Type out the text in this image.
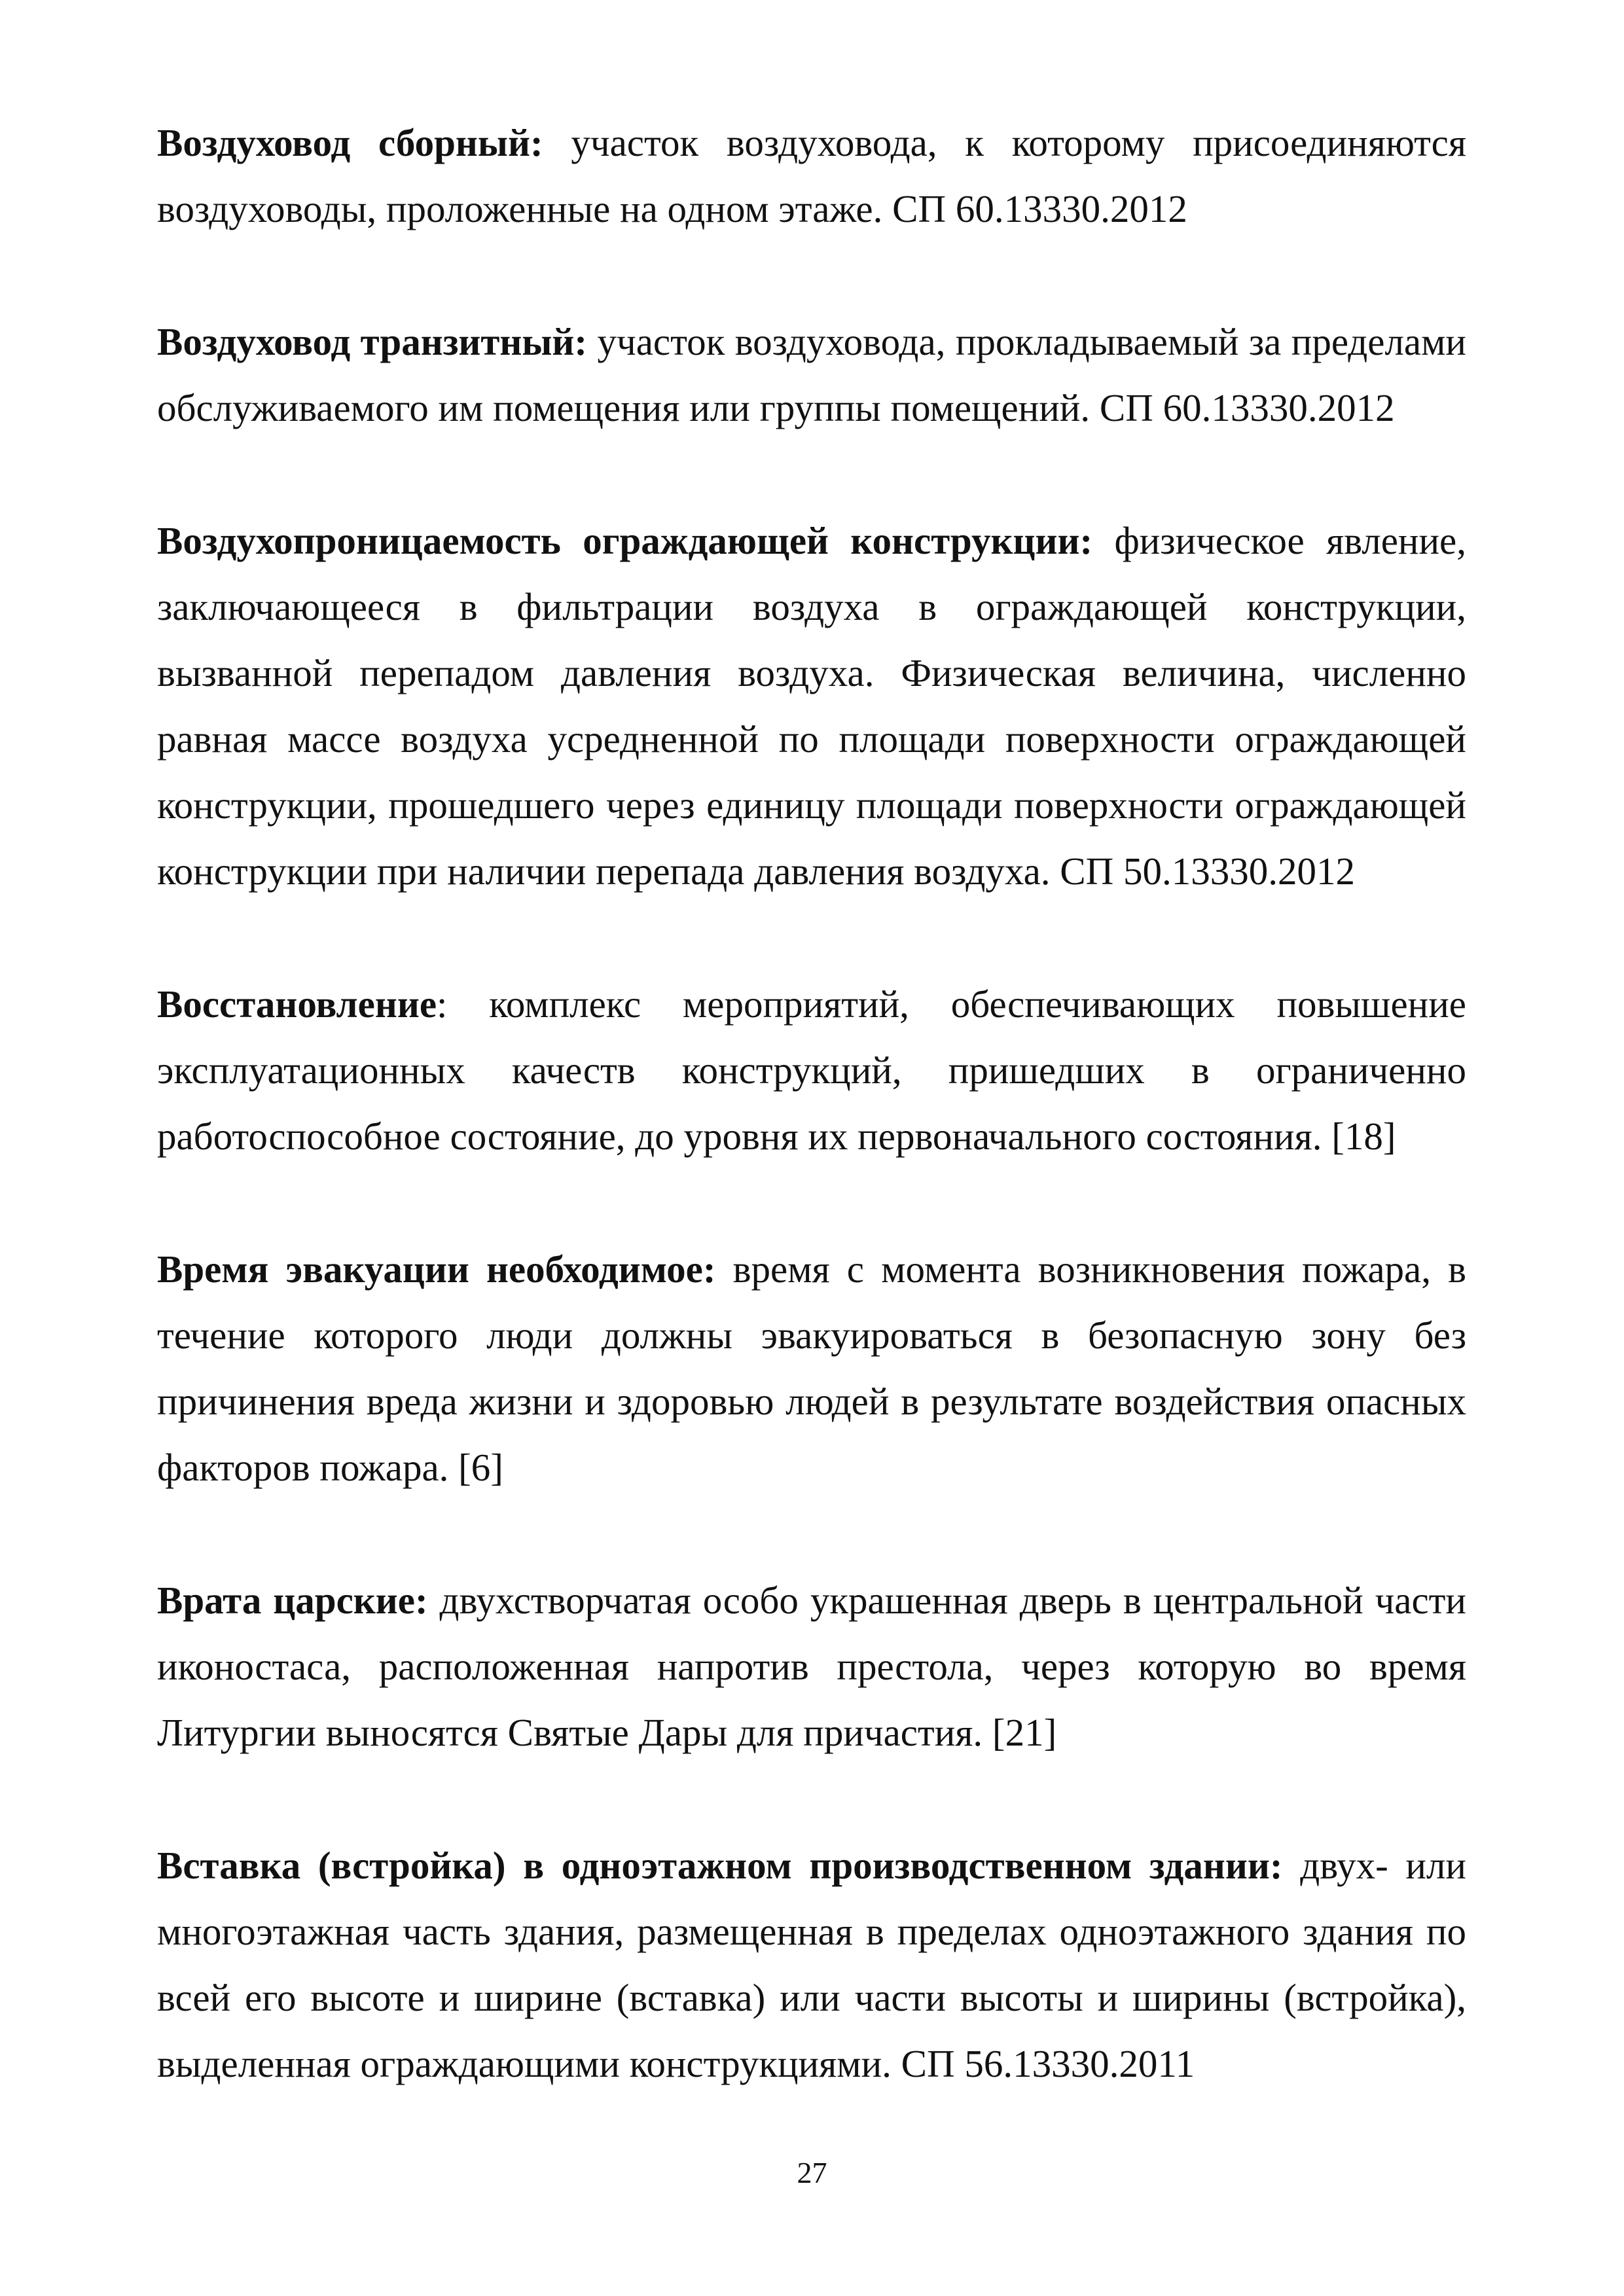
Воздуховод сборный: участок воздуховода, к которому присоединяются воздуховоды, проложенные на одном этаже. СП 60.13330.2012

Воздуховод транзитный: участок воздуховода, прокладываемый за пределами обслуживаемого им помещения или группы помещений. СП 60.13330.2012

Воздухопроницаемость ограждающей конструкции: физическое явление, заключающееся в фильтрации воздуха в ограждающей конструкции, вызванной перепадом давления воздуха. Физическая величина, численно равная массе воздуха усредненной по площади поверхности ограждающей конструкции, прошедшего через единицу площади поверхности ограждающей конструкции при наличии перепада давления воздуха. СП 50.13330.2012

Восстановление: комплекс мероприятий, обеспечивающих повышение эксплуатационных качеств конструкций, пришедших в ограниченно работоспособное состояние, до уровня их первоначального состояния. [18]

Время эвакуации необходимое: время с момента возникновения пожара, в течение которого люди должны эвакуироваться в безопасную зону без причинения вреда жизни и здоровью людей в результате воздействия опасных факторов пожара. [6]

Врата царские: двухстворчатая особо украшенная дверь в центральной части иконостаса, расположенная напротив престола, через которую во время Литургии выносятся Святые Дары для причастия. [21]

Вставка (встройка) в одноэтажном производственном здании: двух- или многоэтажная часть здания, размещенная в пределах одноэтажного здания по всей его высоте и ширине (вставка) или части высоты и ширины (встройка), выделенная ограждающими конструкциями. СП 56.13330.2011

27
